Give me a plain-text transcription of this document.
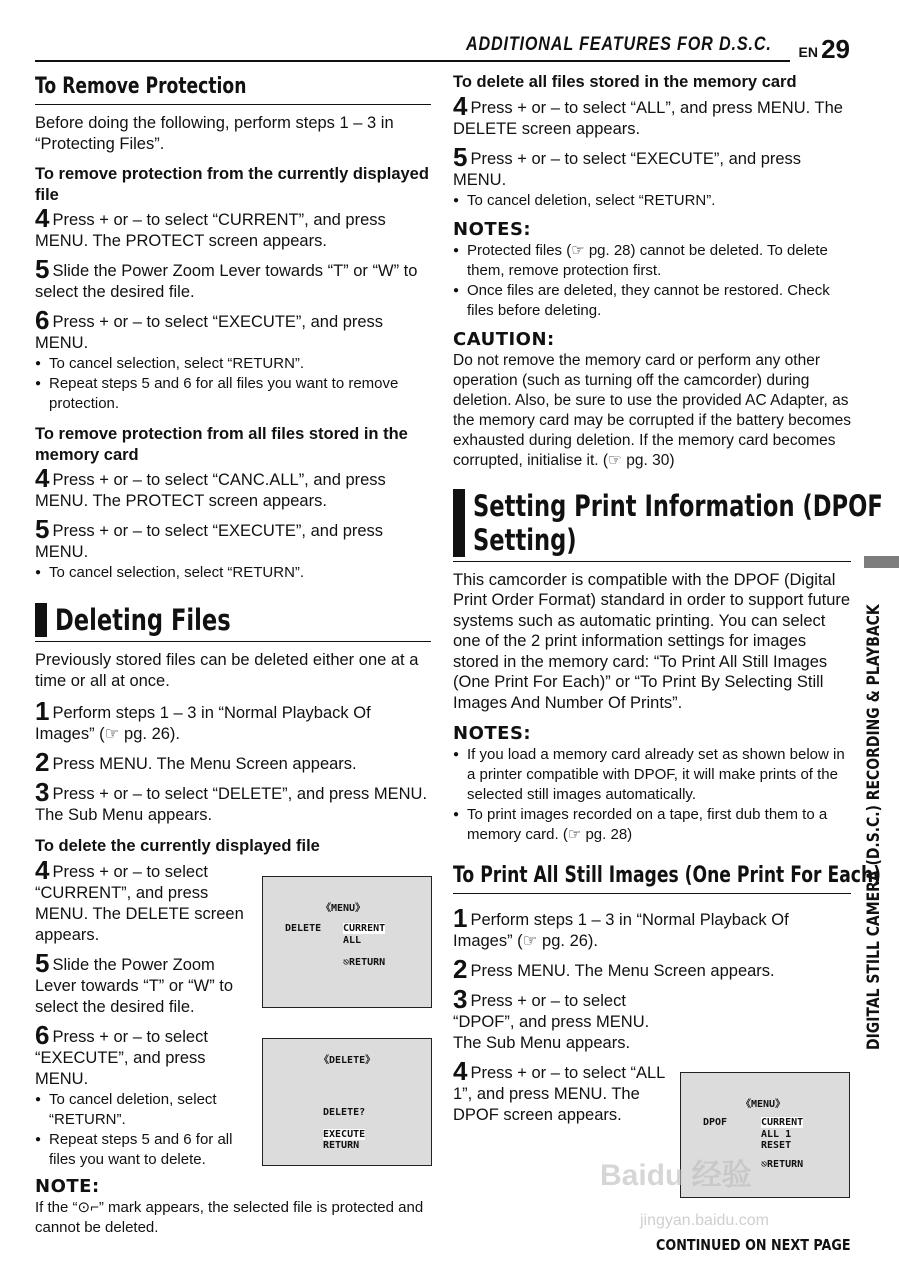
ADDITIONAL FEATURES FOR D.S.C. EN 29
To Remove Protection

Before doing the following, perform steps 1 – 3 in “Protecting Files”.

To remove protection from the currently displayed file

4 Press + or – to select “CURRENT”, and press MENU. The PROTECT screen appears.

5 Slide the Power Zoom Lever towards “T” or “W” to select the desired file.

6 Press + or – to select “EXECUTE”, and press MENU.

● To cancel selection, select “RETURN”.

● Repeat steps 5 and 6 for all files you want to remove protection.

To remove protection from all files stored in the memory card

4 Press + or – to select “CANC.ALL”, and press MENU. The PROTECT screen appears.

5 Press + or – to select “EXECUTE”, and press MENU.

● To cancel selection, select “RETURN”.

Deleting Files

Previously stored files can be deleted either one at a time or all at once.

1 Perform steps 1 – 3 in “Normal Playback Of Images” (☞ pg. 26).

2 Press MENU. The Menu Screen appears.

3 Press + or – to select “DELETE”, and press MENU. The Sub Menu appears.

To delete the currently displayed file

4 Press + or – to select “CURRENT”, and press MENU. The DELETE screen appears.

5 Slide the Power Zoom Lever towards “T” or “W” to select the desired file.

6 Press + or – to select “EXECUTE”, and press MENU.

● To cancel deletion, select “RETURN”.

● Repeat steps 5 and 6 for all files you want to delete.

NOTE:

If the “⊙⌐” mark appears, the selected file is protected and cannot be deleted.

《MENU》
DELETE CURRENT
ALL
⎋RETURN
《DELETE》
DELETE?
EXECUTE
RETURN

To delete all files stored in the memory card

4 Press + or – to select “ALL”, and press MENU. The DELETE screen appears.

5 Press + or – to select “EXECUTE”, and press MENU.

● To cancel deletion, select “RETURN”.

NOTES:

● Protected files (☞ pg. 28) cannot be deleted. To delete them, remove protection first.

● Once files are deleted, they cannot be restored. Check files before deleting.

CAUTION:

Do not remove the memory card or perform any other operation (such as turning off the camcorder) during deletion. Also, be sure to use the provided AC Adapter, as the memory card may be corrupted if the battery becomes exhausted during deletion. If the memory card becomes corrupted, initialise it. (☞ pg. 30)

Setting Print Information (DPOF
Setting)

This camcorder is compatible with the DPOF (Digital Print Order Format) standard in order to support future systems such as automatic printing. You can select one of the 2 print information settings for images stored in the memory card: “To Print All Still Images (One Print For Each)” or “To Print By Selecting Still Images And Number Of Prints”.

NOTES:

● If you load a memory card already set as shown below in a printer compatible with DPOF, it will make prints of the selected still images automatically.

● To print images recorded on a tape, first dub them to a memory card. (☞ pg. 28)

To Print All Still Images (One Print For Each)

1 Perform steps 1 – 3 in “Normal Playback Of Images” (☞ pg. 26).

2 Press MENU. The Menu Screen appears.

3 Press + or – to select “DPOF”, and press MENU. The Sub Menu appears.

4 Press + or – to select “ALL 1”, and press MENU. The DPOF screen appears.

《MENU》
DPOF	CURRENT
ALL 1
RESET
⎋RETURN
DIGITAL STILL CAMERA (D.S.C.) RECORDING & PLAYBACK
CONTINUED ON NEXT PAGE
Baidu 经验
jingyan.baidu.com
